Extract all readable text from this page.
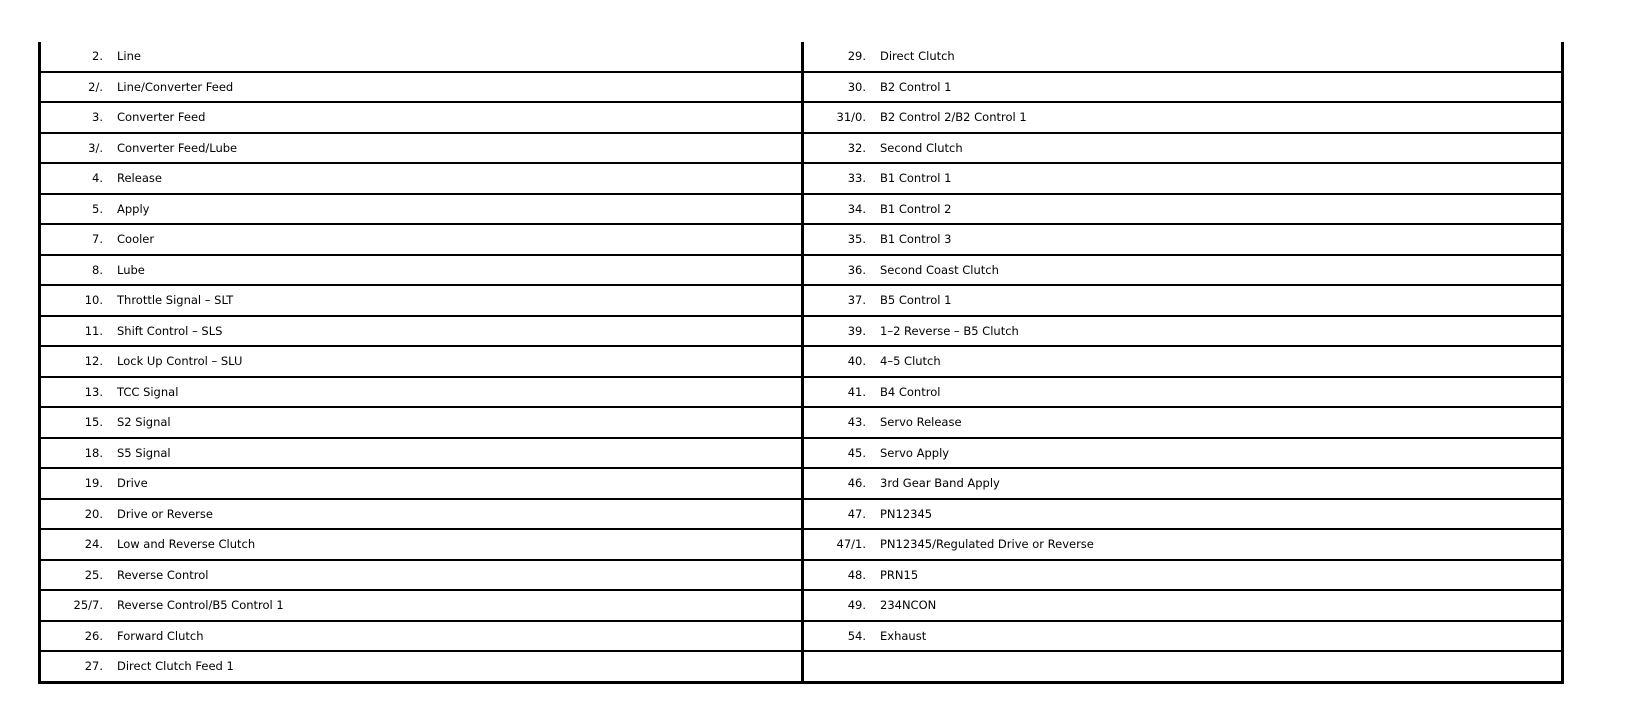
2.	Line	29.	Direct Clutch
2/.	Line/Converter Feed	30.	B2 Control 1
3.	Converter Feed	31/0.	B2 Control 2/B2 Control 1
3/.	Converter Feed/Lube	32.	Second Clutch
4.	Release	33.	B1 Control 1
5.	Apply	34.	B1 Control 2
7.	Cooler	35.	B1 Control 3
8.	Lube	36.	Second Coast Clutch
10.	Throttle Signal – SLT	37.	B5 Control 1
11.	Shift Control – SLS	39.	1–2 Reverse – B5 Clutch
12.	Lock Up Control – SLU	40.	4–5 Clutch
13.	TCC Signal	41.	B4 Control
15.	S2 Signal	43.	Servo Release
18.	S5 Signal	45.	Servo Apply
19.	Drive	46.	3rd Gear Band Apply
20.	Drive or Reverse	47.	PN12345
24.	Low and Reverse Clutch	47/1.	PN12345/Regulated Drive or Reverse
25.	Reverse Control	48.	PRN15
25/7.	Reverse Control/B5 Control 1	49.	234NCON
26.	Forward Clutch	54.	Exhaust
27.	Direct Clutch Feed 1		
